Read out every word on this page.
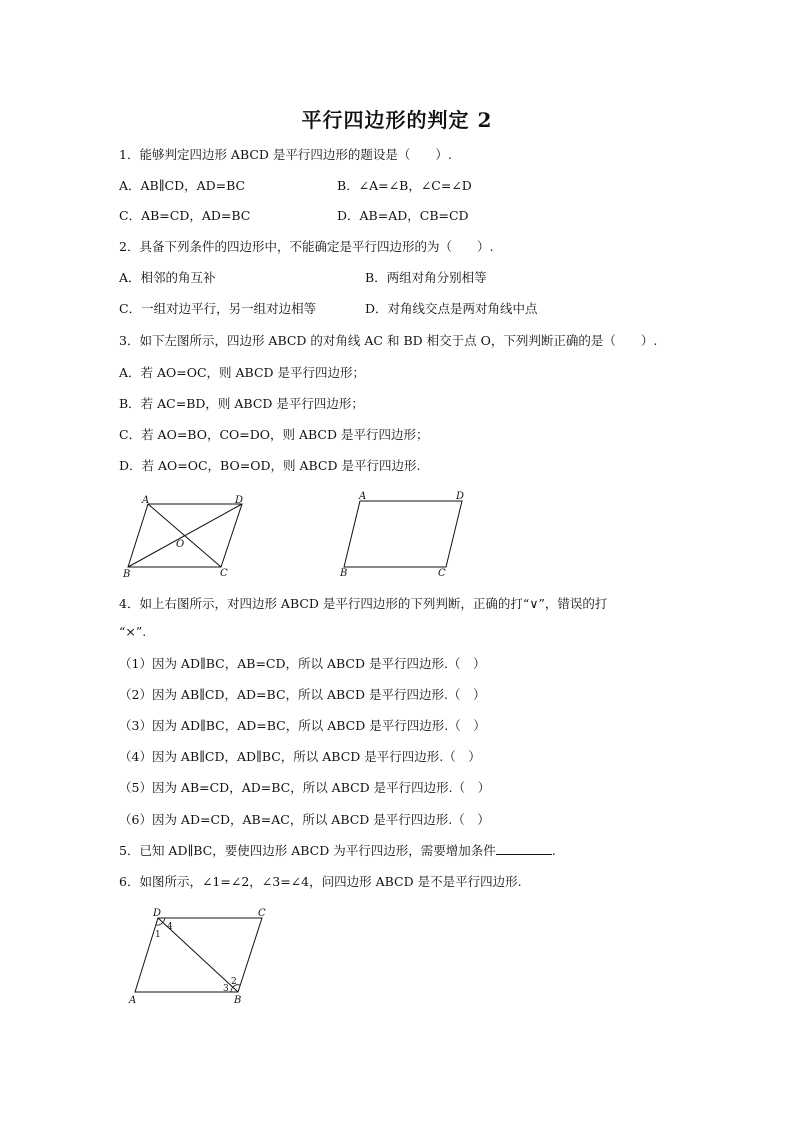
平行四边形的判定 2
1．能够判定四边形 ABCD 是平行四边形的题设是（　　）.
A．AB∥CD，AD=BC	B．∠A=∠B，∠C=∠D
C．AB=CD，AD=BC	D．AB=AD，CB=CD
2．具备下列条件的四边形中，不能确定是平行四边形的为（　　）.
A．相邻的角互补	B．两组对角分别相等
C．一组对边平行，另一组对边相等	D．对角线交点是两对角线中点
3．如下左图所示，四边形 ABCD 的对角线 AC 和 BD 相交于点 O，下列判断正确的是（　　）.
A．若 AO=OC，则 ABCD 是平行四边形；
B．若 AC=BD，则 ABCD 是平行四边形；
C．若 AO=BO，CO=DO，则 ABCD 是平行四边形；
D．若 AO=OC，BO=OD，则 ABCD 是平行四边形.
A	D
B	C
O
A	D
B	C
4．如上右图所示，对四边形 ABCD 是平行四边形的下列判断，正确的打“∨”，错误的打
“×”.
（1）因为 AD∥BC，AB=CD，所以 ABCD 是平行四边形.（　）
（2）因为 AB∥CD，AD=BC，所以 ABCD 是平行四边形.（　）
（3）因为 AD∥BC，AD=BC，所以 ABCD 是平行四边形.（　）
（4）因为 AB∥CD，AD∥BC，所以 ABCD 是平行四边形.（　）
（5）因为 AB=CD，AD=BC，所以 ABCD 是平行四边形.（　）
（6）因为 AD=CD，AB=AC，所以 ABCD 是平行四边形.（　）
5．已知 AD∥BC，要使四边形 ABCD 为平行四边形，需要增加条件	.
6．如图所示，∠1=∠2，∠3=∠4，问四边形 ABCD 是不是平行四边形.
D	C
A	B
1
4
3
2
